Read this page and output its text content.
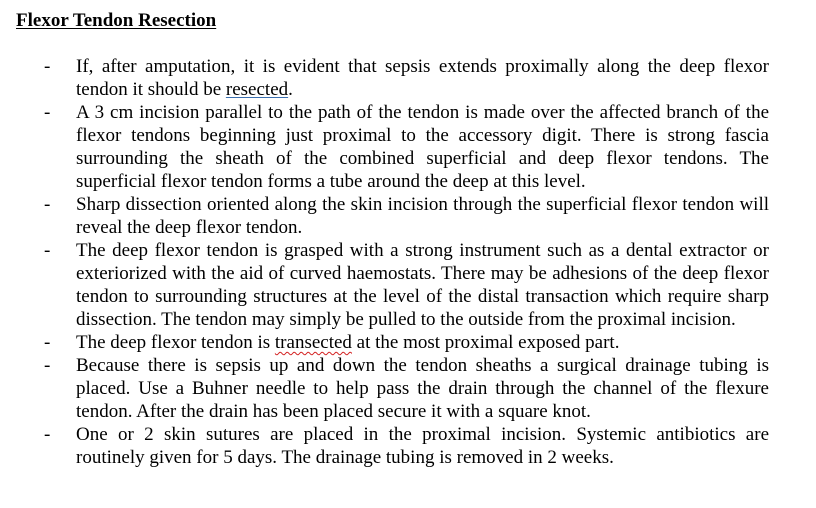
Flexor Tendon Resection
-	If, after amputation, it is evident that sepsis extends proximally along the deep flexor tendon it should be resected.
-	A 3 cm incision parallel to the path of the tendon is made over the affected branch of the flexor tendons beginning just proximal to the accessory digit. There is strong fascia surrounding the sheath of the combined superficial and deep flexor tendons. The superficial flexor tendon forms a tube around the deep at this level.
-	Sharp dissection oriented along the skin incision through the superficial flexor tendon will reveal the deep flexor tendon.
-	The deep flexor tendon is grasped with a strong instrument such as a dental extractor or exteriorized with the aid of curved haemostats. There may be adhesions of the deep flexor tendon to surrounding structures at the level of the distal transaction which require sharp dissection. The tendon may simply be pulled to the outside from the proximal incision.
-	The deep flexor tendon is transected at the most proximal exposed part.
-	Because there is sepsis up and down the tendon sheaths a surgical drainage tubing is placed. Use a Buhner needle to help pass the drain through the channel of the flexure tendon. After the drain has been placed secure it with a square knot.
-	One or 2 skin sutures are placed in the proximal incision. Systemic antibiotics are routinely given for 5 days. The drainage tubing is removed in 2 weeks.
